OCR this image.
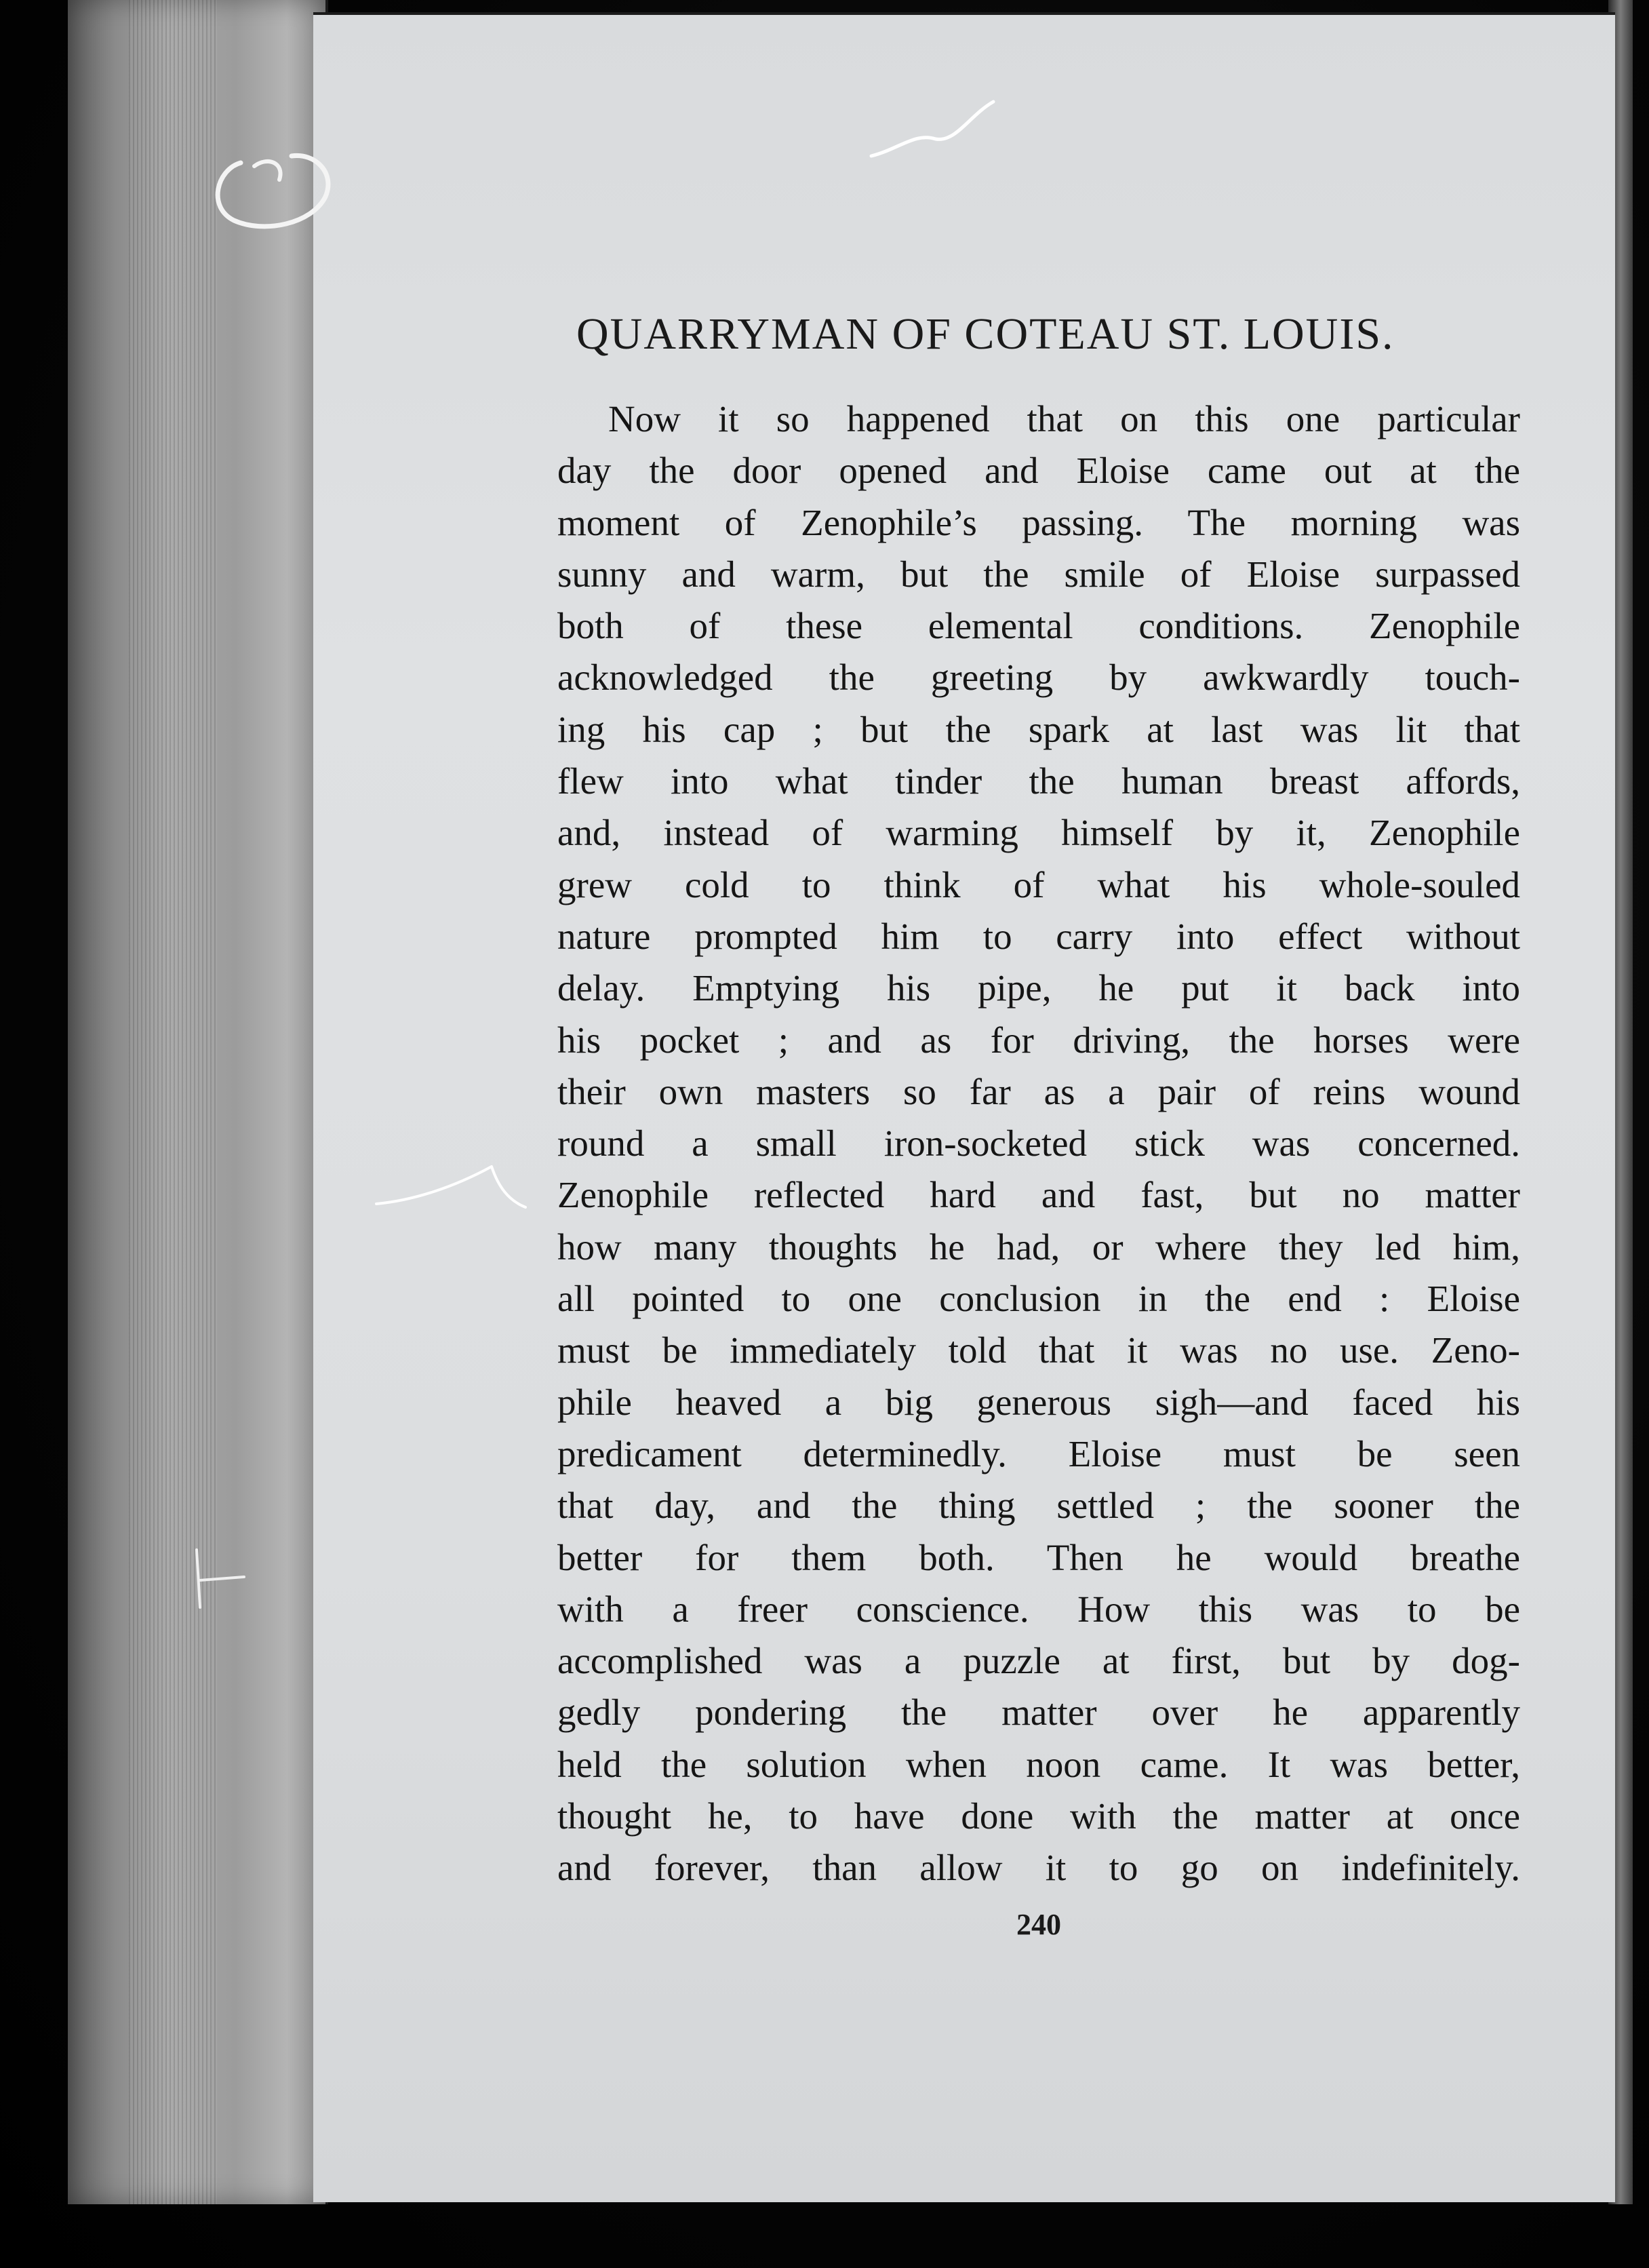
QUARRYMAN OF COTEAU ST. LOUIS.
Now it so happened that on this one particular
day the door opened and Eloise came out at the
moment of Zenophile’s passing. The morning was
sunny and warm, but the smile of Eloise surpassed
both of these elemental conditions. Zenophile
acknowledged the greeting by awkwardly touch-
ing his cap ; but the spark at last was lit that
flew into what tinder the human breast affords,
and, instead of warming himself by it, Zenophile
grew cold to think of what his whole-souled
nature prompted him to carry into effect without
delay. Emptying his pipe, he put it back into
his pocket ; and as for driving, the horses were
their own masters so far as a pair of reins wound
round a small iron-socketed stick was concerned.
Zenophile reflected hard and fast, but no matter
how many thoughts he had, or where they led him,
all pointed to one conclusion in the end : Eloise
must be immediately told that it was no use. Zeno-
phile heaved a big generous sigh—and faced his
predicament determinedly. Eloise must be seen
that day, and the thing settled ; the sooner the
better for them both. Then he would breathe
with a freer conscience. How this was to be
accomplished was a puzzle at first, but by dog-
gedly pondering the matter over he apparently
held the solution when noon came. It was better,
thought he, to have done with the matter at once
and forever, than allow it to go on indefinitely.

240
